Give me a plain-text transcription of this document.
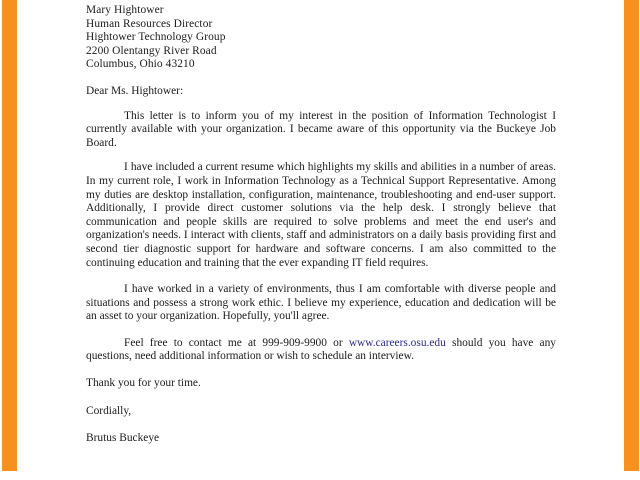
Mary Hightower
Human Resources Director
Hightower Technology Group
2200 Olentangy River Road
Columbus, Ohio 43210
Dear Ms. Hightower:
This letter is to inform you of my interest in the position of Information Technologist I currently available with your organization. I became aware of this opportunity via the Buckeye Job Board.
I have included a current resume which highlights my skills and abilities in a number of areas. In my current role, I work in Information Technology as a Technical Support Representative. Among my duties are desktop installation, configuration, maintenance, troubleshooting and end-user support. Additionally, I provide direct customer solutions via the help desk. I strongly believe that communication and people skills are required to solve problems and meet the end user's and organization's needs. I interact with clients, staff and administrators on a daily basis providing first and second tier diagnostic support for hardware and software concerns. I am also committed to the continuing education and training that the ever expanding IT field requires.
I have worked in a variety of environments, thus I am comfortable with diverse people and situations and possess a strong work ethic. I believe my experience, education and dedication will be an asset to your organization. Hopefully, you'll agree.
Feel free to contact me at 999-909-9900 or www.careers.osu.edu should you have any questions, need additional information or wish to schedule an interview.
Thank you for your time.
Cordially,
Brutus Buckeye
